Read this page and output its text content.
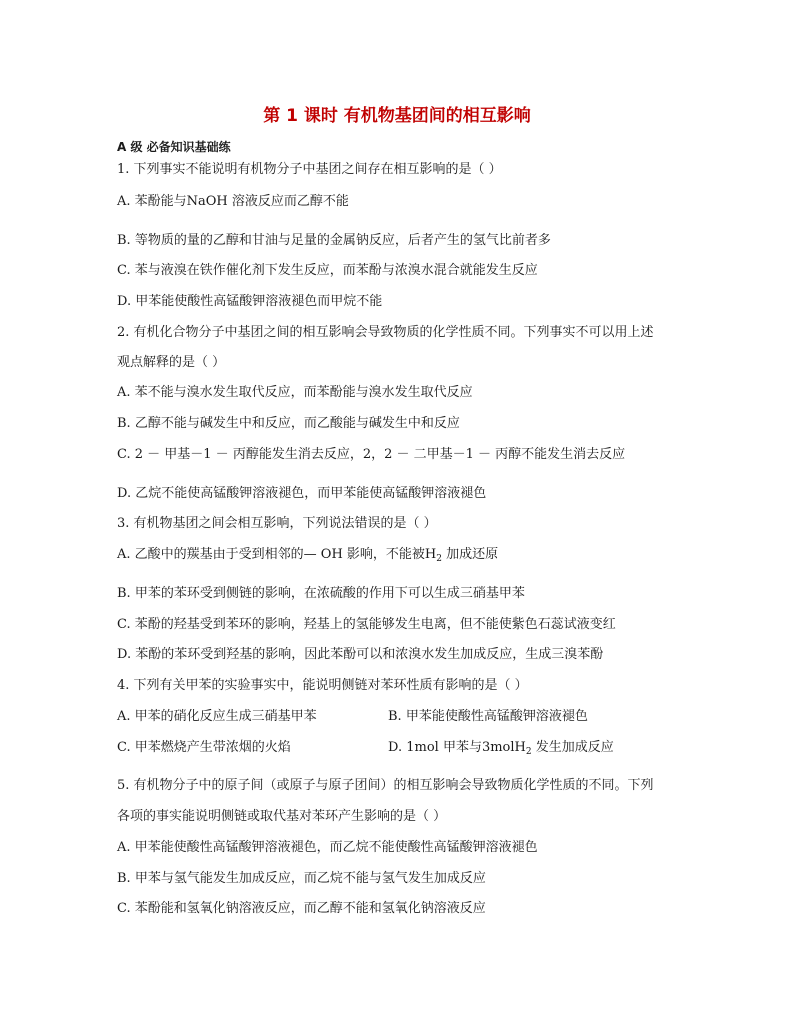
第 1 课时 有机物基团间的相互影响
A 级 必备知识基础练
1. 下列事实不能说明有机物分子中基团之间存在相互影响的是（ ）
A. 苯酚能与NaOH 溶液反应而乙醇不能
B. 等物质的量的乙醇和甘油与足量的金属钠反应，后者产生的氢气比前者多
C. 苯与液溴在铁作催化剂下发生反应，而苯酚与浓溴水混合就能发生反应
D. 甲苯能使酸性高锰酸钾溶液褪色而甲烷不能
2. 有机化合物分子中基团之间的相互影响会导致物质的化学性质不同。下列事实不可以用上述
观点解释的是（ ）
A. 苯不能与溴水发生取代反应，而苯酚能与溴水发生取代反应
B. 乙醇不能与碱发生中和反应，而乙酸能与碱发生中和反应
C. 2 － 甲基－1 － 丙醇能发生消去反应，2，2 － 二甲基－1 － 丙醇不能发生消去反应
D. 乙烷不能使高锰酸钾溶液褪色，而甲苯能使高锰酸钾溶液褪色
3. 有机物基团之间会相互影响，下列说法错误的是（ ）
A. 乙酸中的羰基由于受到相邻的— OH 影响，不能被$H_2$ 加成还原
B. 甲苯的苯环受到侧链的影响，在浓硫酸的作用下可以生成三硝基甲苯
C. 苯酚的羟基受到苯环的影响，羟基上的氢能够发生电离，但不能使紫色石蕊试液变红
D. 苯酚的苯环受到羟基的影响，因此苯酚可以和浓溴水发生加成反应，生成三溴苯酚
4. 下列有关甲苯的实验事实中，能说明侧链对苯环性质有影响的是（ ）
A. 甲苯的硝化反应生成三硝基甲苯	B. 甲苯能使酸性高锰酸钾溶液褪色
C. 甲苯燃烧产生带浓烟的火焰	D. 1mol 甲苯与3molH$_2$ 发生加成反应
5. 有机物分子中的原子间（或原子与原子团间）的相互影响会导致物质化学性质的不同。下列
各项的事实能说明侧链或取代基对苯环产生影响的是（ ）
A. 甲苯能使酸性高锰酸钾溶液褪色，而乙烷不能使酸性高锰酸钾溶液褪色
B. 甲苯与氢气能发生加成反应，而乙烷不能与氢气发生加成反应
C. 苯酚能和氢氧化钠溶液反应，而乙醇不能和氢氧化钠溶液反应
